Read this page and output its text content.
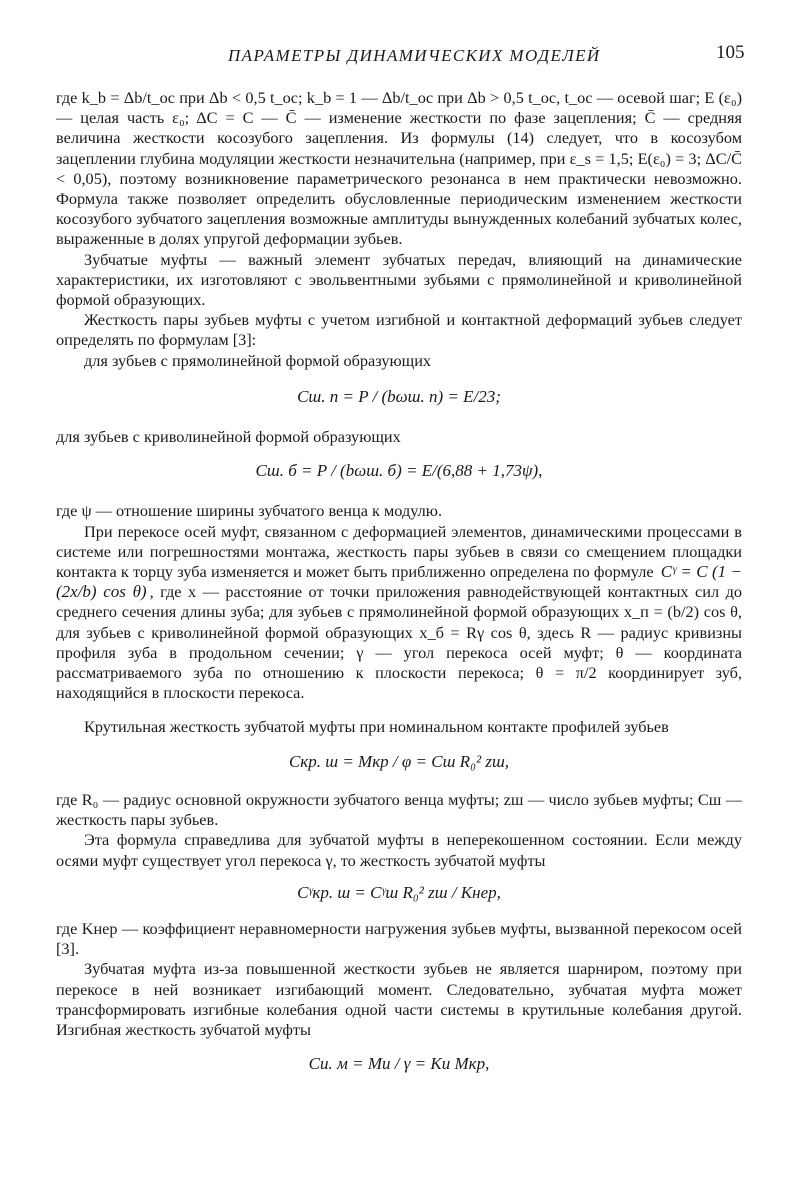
ПАРАМЕТРЫ ДИНАМИЧЕСКИХ МОДЕЛЕЙ	105

где k_b = Δb/t_oc при Δb < 0,5 t_oc; k_b = 1 — Δb/t_oc при Δb > 0,5 t_oc, t_oc — осевой шаг; E (ε₀) — целая часть ε₀; ΔC = C — C̄ — изменение жесткости по фазе зацепления; C̄ — средняя величина жесткости косозубого зацепления. Из формулы (14) следует, что в косозубом зацеплении глубина модуляции жесткости незначительна (например, при ε_s = 1,5; E(ε₀) = 3; ΔC/C̄ < 0,05), поэтому возникновение параметрического резонанса в нем практически невозможно. Формула также позволяет определить обусловленные периодическим изменением жесткости косозубого зубчатого зацепления возможные амплитуды вынужденных колебаний зубчатых колес, выраженные в долях упругой деформации зубьев.

Зубчатые муфты — важный элемент зубчатых передач, влияющий на динамические характеристики, их изготовляют с эвольвентными зубьями с прямолинейной и криволинейной формой образующих.

Жесткость пары зубьев муфты с учетом изгибной и контактной деформаций зубьев следует определять по формулам [3]:

для зубьев с прямолинейной формой образующих

Cш. п = P / (bωш. п) = E/23;

для зубьев с криволинейной формой образующих

Cш. б = P / (bωш. б) = E/(6,88 + 1,73ψ),

где ψ — отношение ширины зубчатого венца к модулю.

При перекосе осей муфт, связанном с деформацией элементов, динамическими процессами в системе или погрешностями монтажа, жесткость пары зубьев в связи со смещением площадки контакта к торцу зуба изменяется и может быть приближенно определена по формуле Cᵞ = C (1 − (2x/b) cos θ) , где x — расстояние от точки приложения равнодействующей контактных сил до среднего сечения длины зуба; для зубьев с прямолинейной формой образующих x_п = (b/2) cos θ, для зубьев с криволинейной формой образующих x_б = Rγ cos θ, здесь R — радиус кривизны профиля зуба в продольном сечении; γ — угол перекоса осей муфт; θ — координата рассматриваемого зуба по отношению к плоскости перекоса; θ = π/2 координирует зуб, находящийся в плоскости перекоса.

Крутильная жесткость зубчатой муфты при номинальном контакте профилей зубьев

Cкр. ш = Mкр / φ = Cш R₀² zш,

где R₀ — радиус основной окружности зубчатого венца муфты; zш — число зубьев муфты; Cш — жесткость пары зубьев.

Эта формула справедлива для зубчатой муфты в неперекошенном состоянии. Если между осями муфт существует угол перекоса γ, то жесткость зубчатой муфты

Cᵞкр. ш = Cᵞш R₀² zш / Kнер,

где Kнер — коэффициент неравномерности нагружения зубьев муфты, вызванной перекосом осей [3].

Зубчатая муфта из-за повышенной жесткости зубьев не является шарниром, поэтому при перекосе в ней возникает изгибающий момент. Следовательно, зубчатая муфта может трансформировать изгибные колебания одной части системы в крутильные колебания другой. Изгибная жесткость зубчатой муфты

Cи. м = Mи / γ = Kи Mкр,
